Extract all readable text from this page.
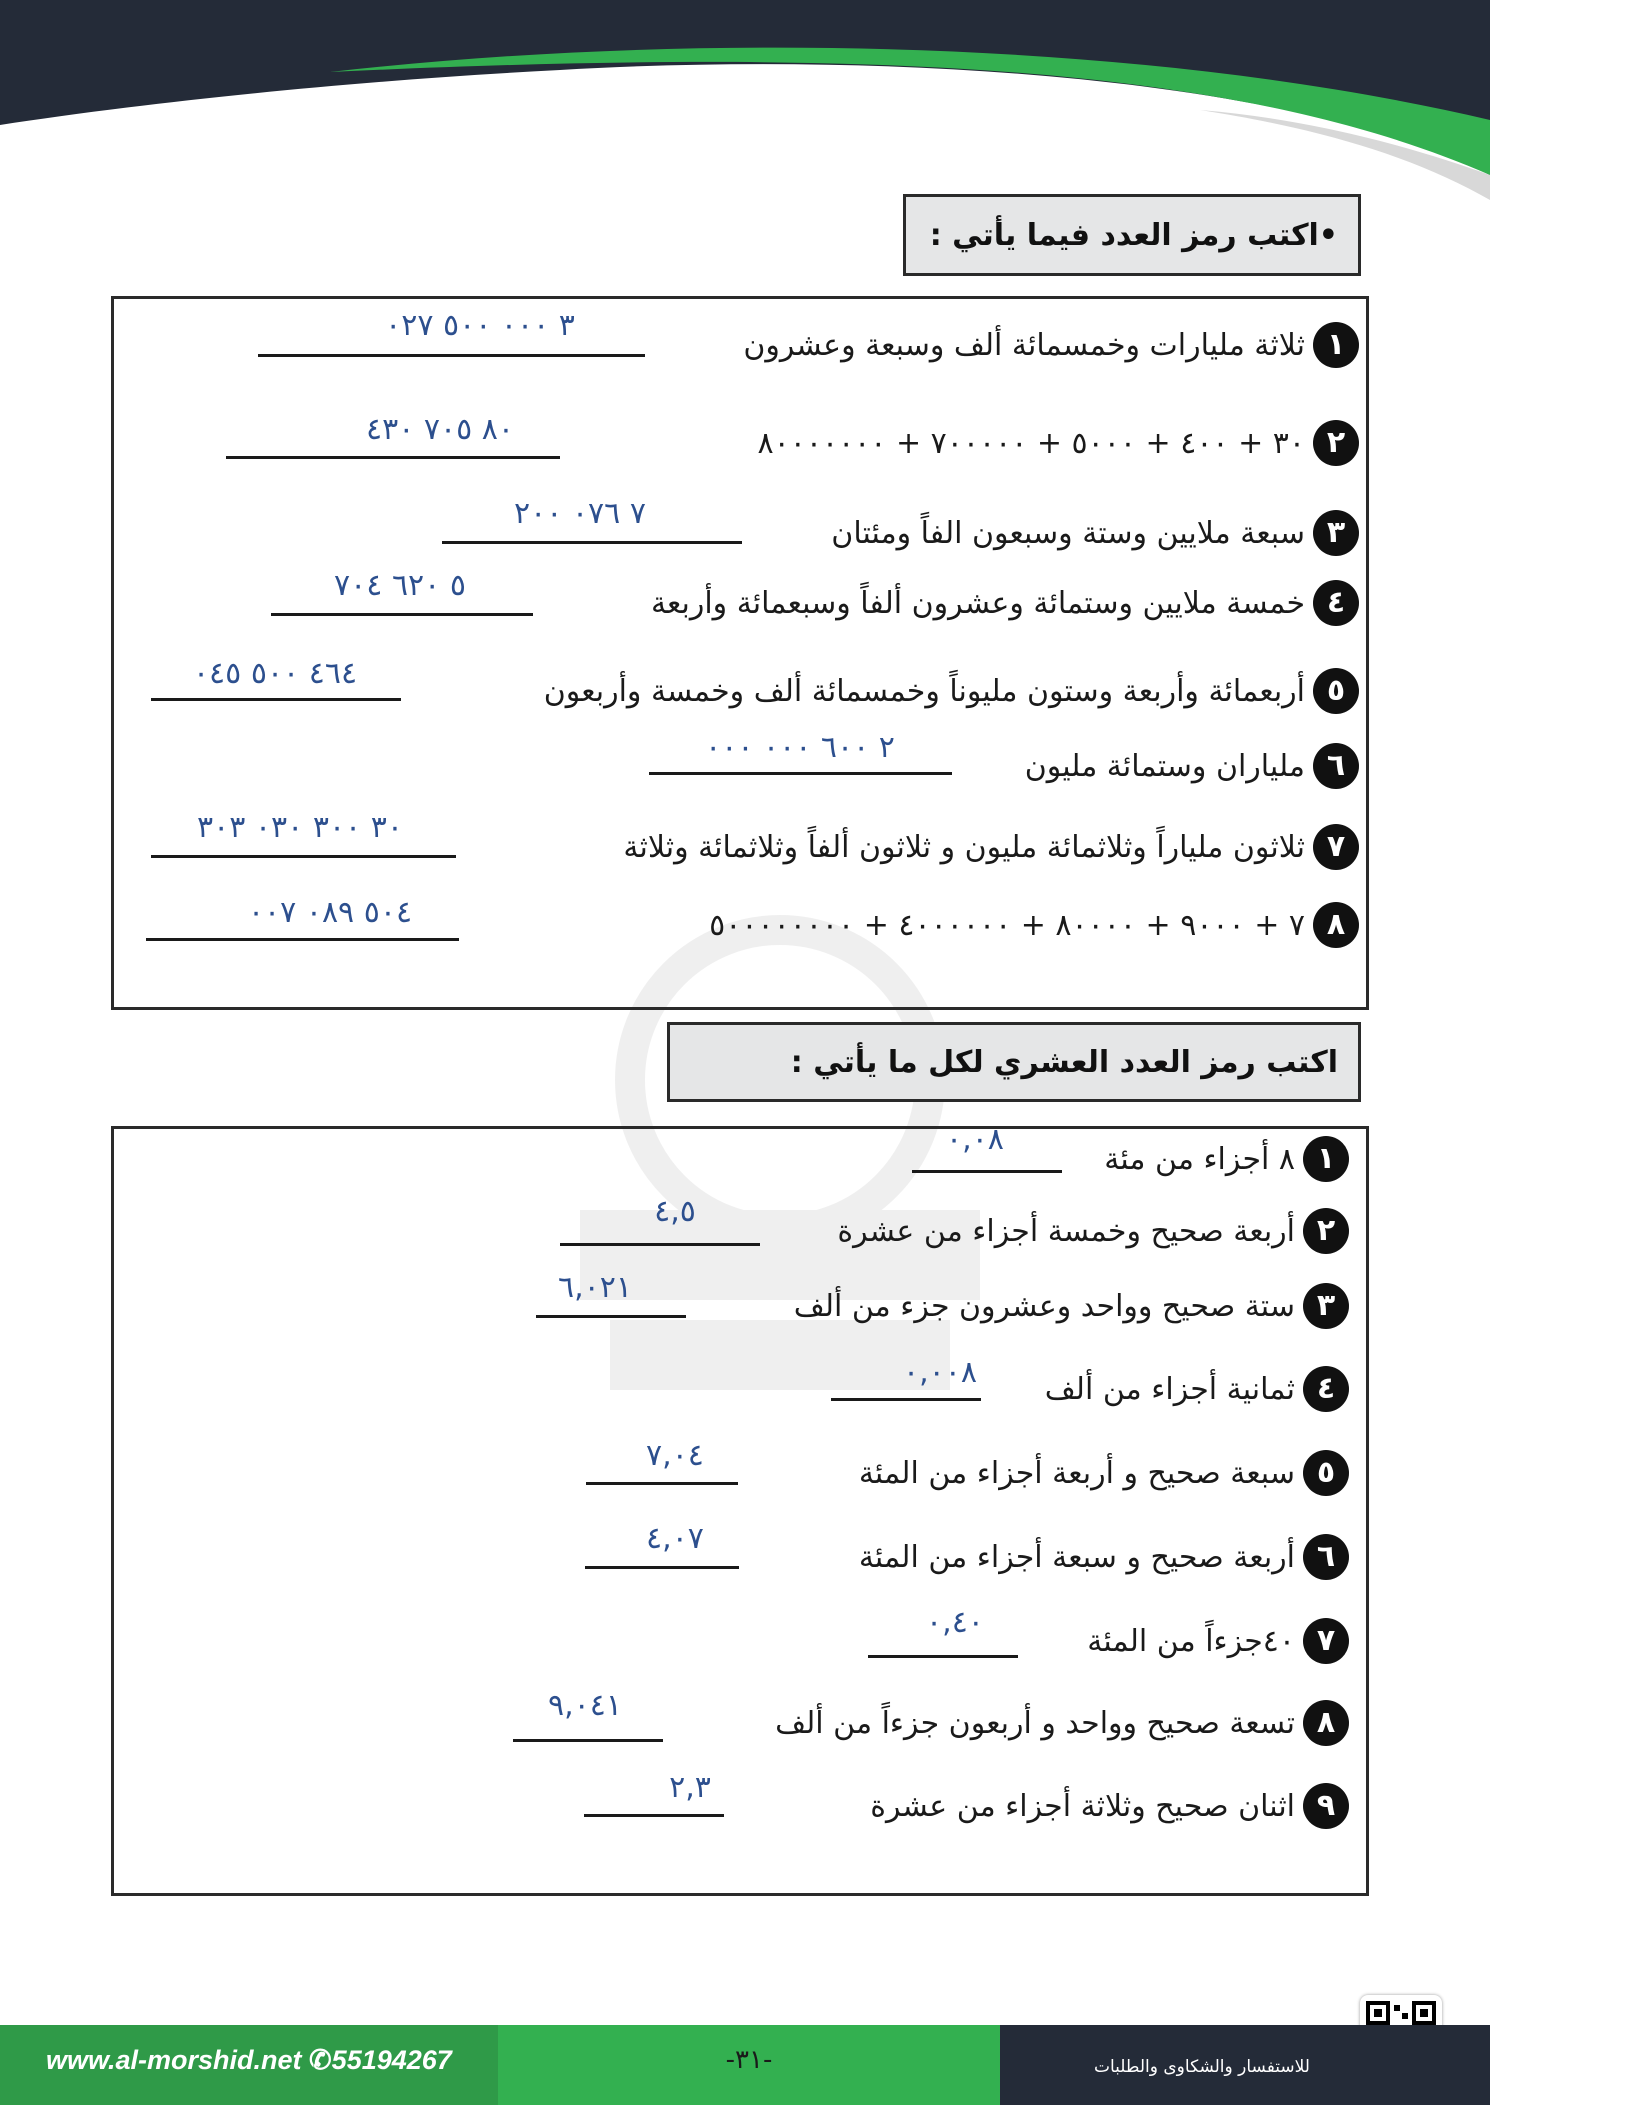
•اكتب رمز العدد فيما يأتي :
١
ثلاثة مليارات وخمسمائة ألف وسبعة وعشرون
٣ ٠٠٠ ٥٠٠ ٠٢٧
٢
٣٠ + ٤٠٠ + ٥٠٠٠ + ٧٠٠٠٠٠ + ٨٠٠٠٠٠٠٠
٨٠ ٧٠٥ ٤٣٠
٣
سبعة ملايين وستة وسبعون الفاً ومئتان
٧ ٠٧٦ ٢٠٠
٤
خمسة ملايين وستمائة وعشرون ألفاً وسبعمائة وأربعة
٥ ٦٢٠ ٧٠٤
٥
أربعمائة وأربعة وستون مليوناً وخمسمائة ألف وخمسة وأربعون
٤٦٤ ٥٠٠ ٠٤٥
٦
ملياران وستمائة مليون
٢ ٦٠٠ ٠٠٠ ٠٠٠
٧
ثلاثون ملياراً وثلاثمائة مليون و ثلاثون ألفاً وثلاثمائة وثلاثة
٣٠ ٣٠٠ ٠٣٠ ٣٠٣
٨
٧ + ٩٠٠٠ + ٨٠٠٠٠ + ٤٠٠٠٠٠٠ + ٥٠٠٠٠٠٠٠٠
٥٠٤ ٠٨٩ ٠٠٧
اكتب رمز العدد العشري لكل ما يأتي :
١
٨ أجزاء من مئة
٠,٠٨
٢
أربعة صحيح وخمسة أجزاء من عشرة
٤,٥
٣
ستة صحيح وواحد وعشرون جزء من ألف
٦,٠٢١
٤
ثمانية أجزاء من ألف
٠,٠٠٨
٥
سبعة صحيح و أربعة أجزاء من المئة
٧,٠٤
٦
أربعة صحيح و سبعة أجزاء من المئة
٤,٠٧
٧
٤٠جزءاً من المئة
٠,٤٠
٨
تسعة صحيح وواحد و أربعون جزءاً من ألف
٩,٠٤١
٩
اثنان صحيح وثلاثة أجزاء من عشرة
٢,٣
www.al-morshid.net ✆55194267	-٣١-	للاستفسار والشكاوى والطلبات
